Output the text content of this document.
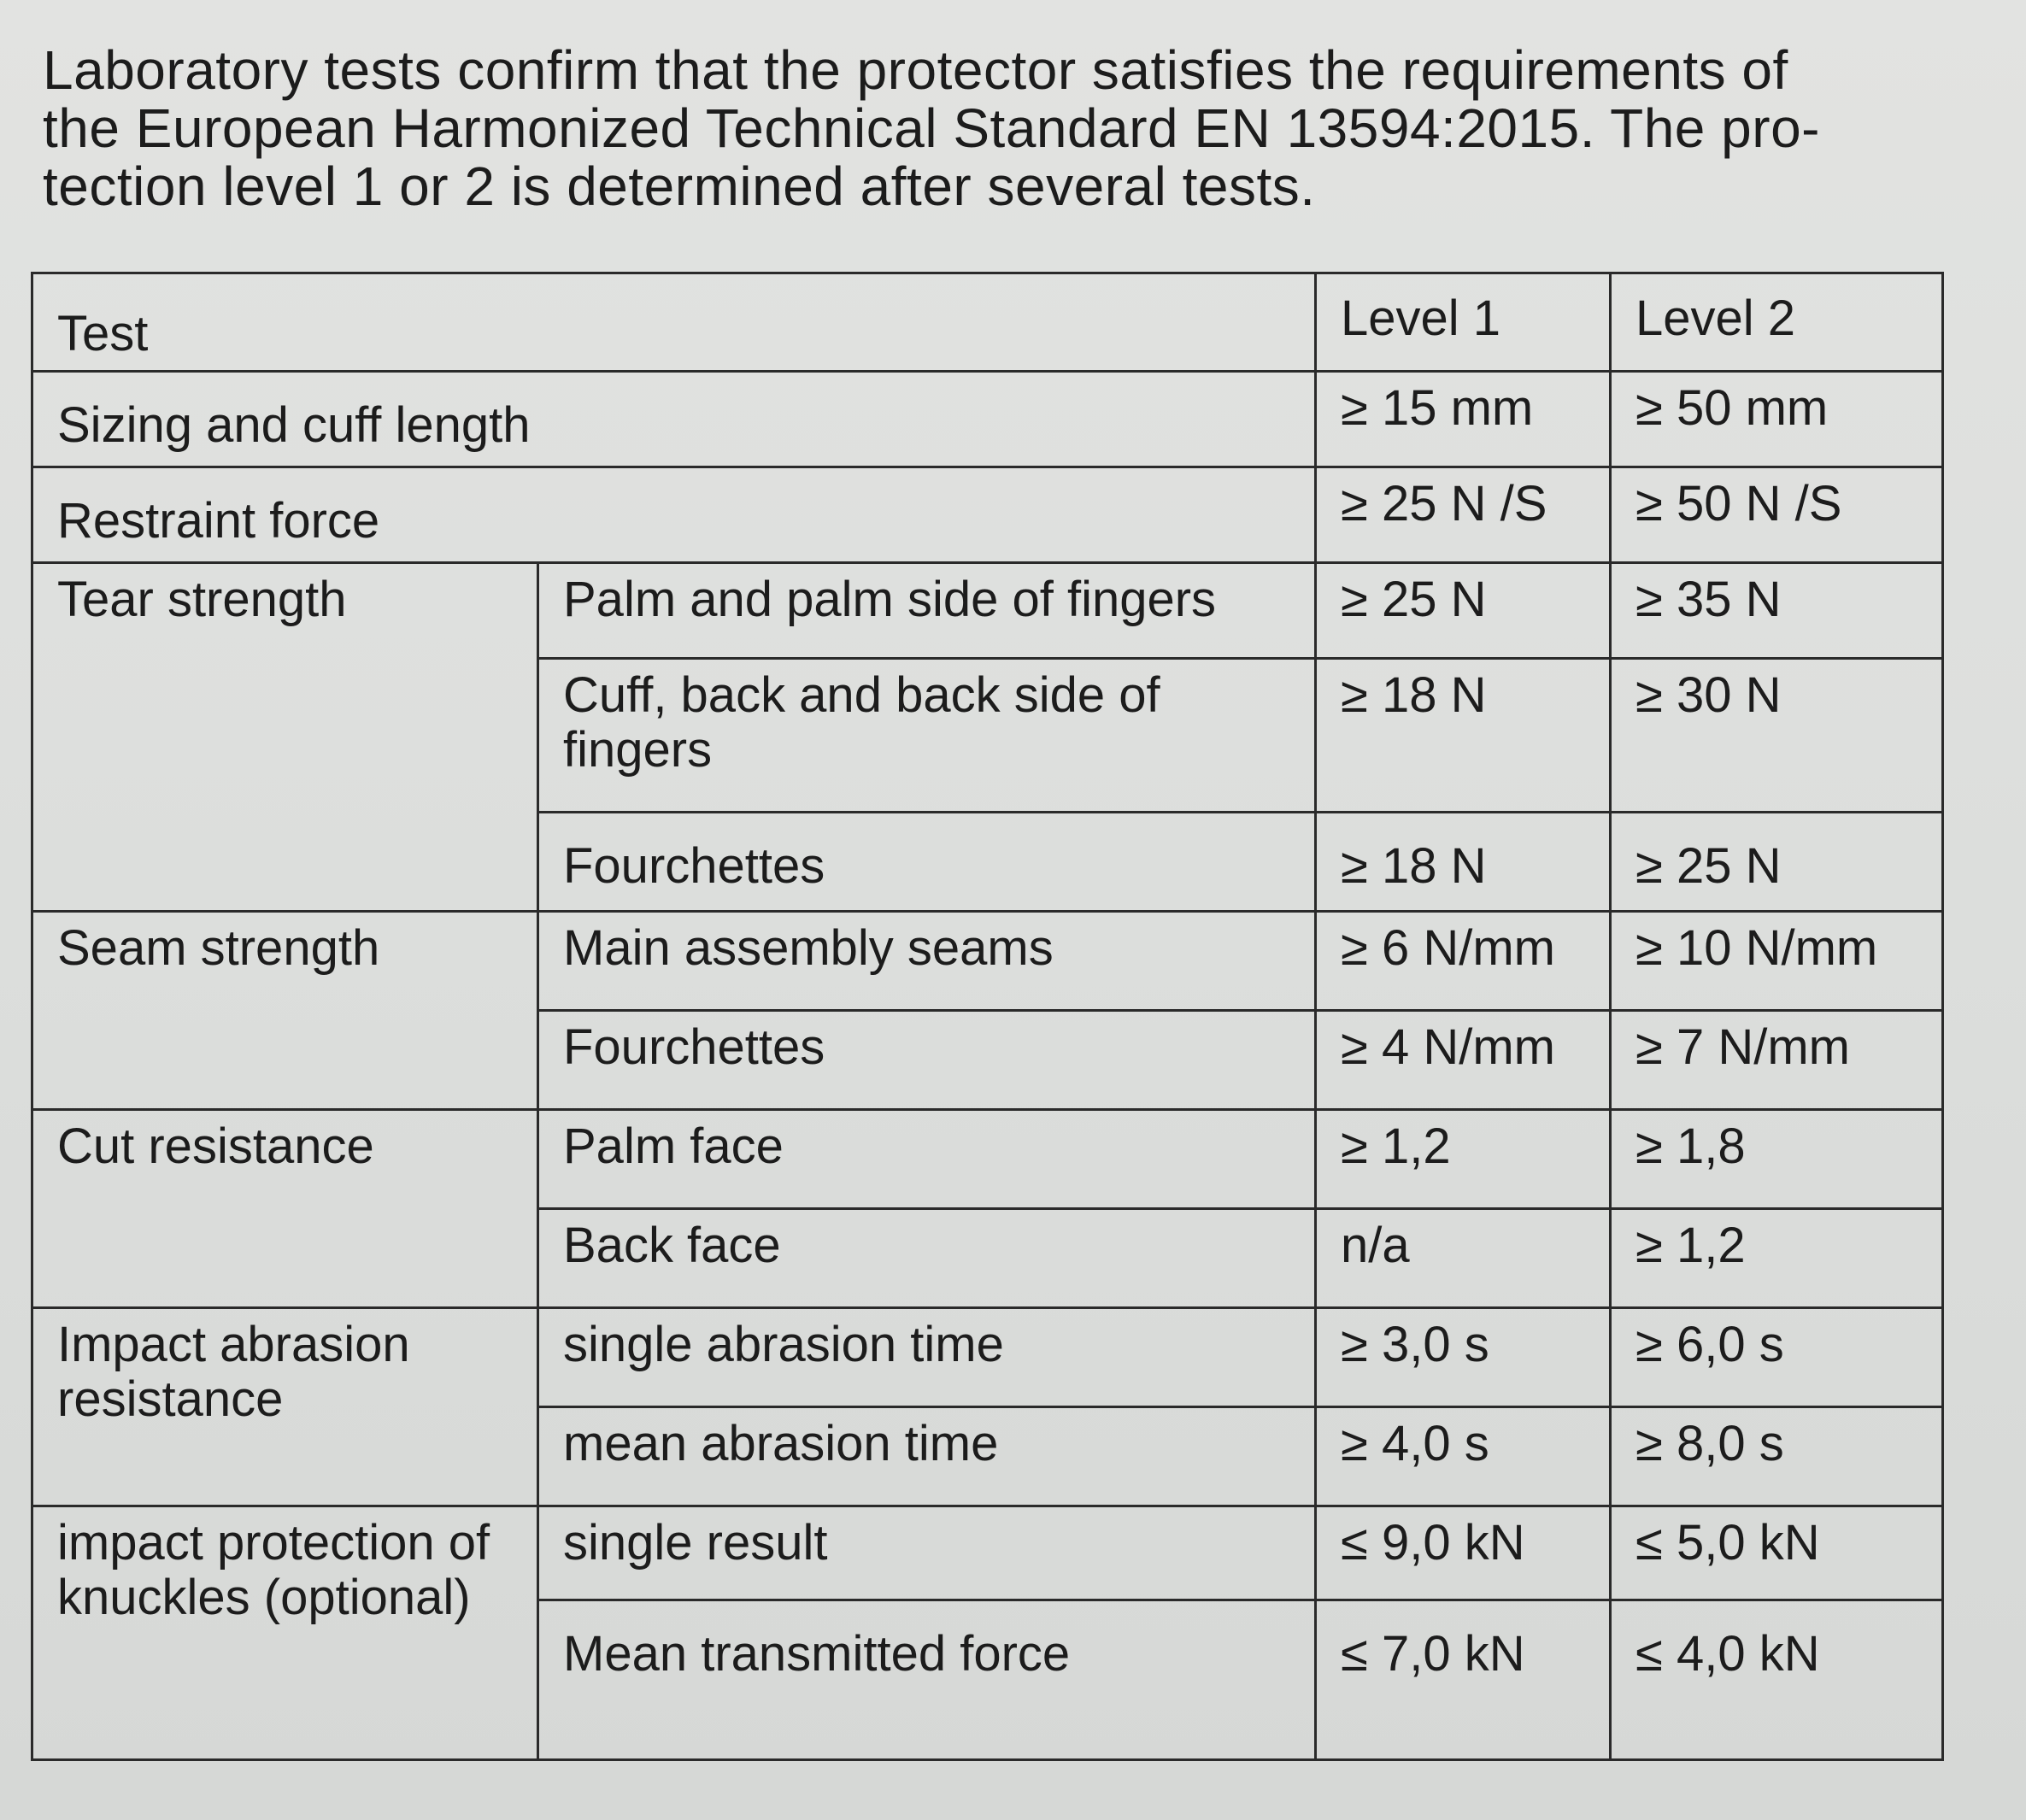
Laboratory tests confirm that the protector satisfies the requirements of
the European Harmonized Technical Standard EN 13594:2015. The pro-
tection level 1 or 2 is determined after several tests.

Test		Level 1	Level 2
Sizing and cuff length		≥ 15 mm	≥ 50 mm
Restraint force		≥ 25 N /S	≥ 50 N /S
Tear strength	Palm and palm side of fingers	≥ 25 N	≥ 35 N
	Cuff, back and back side of fingers	≥ 18 N	≥ 30 N
	Fourchettes	≥ 18 N	≥ 25 N
Seam strength	Main assembly seams	≥ 6 N/mm	≥ 10 N/mm
	Fourchettes	≥ 4 N/mm	≥ 7 N/mm
Cut resistance	Palm face	≥ 1,2	≥ 1,8
	Back face	n/a	≥ 1,2
Impact abrasion resistance	single abrasion time	≥ 3,0 s	≥ 6,0 s
	mean abrasion time	≥ 4,0 s	≥ 8,0 s
impact protection of knuckles (optional)	single result	≤ 9,0 kN	≤ 5,0 kN
	Mean transmitted force	≤ 7,0 kN	≤ 4,0 kN
